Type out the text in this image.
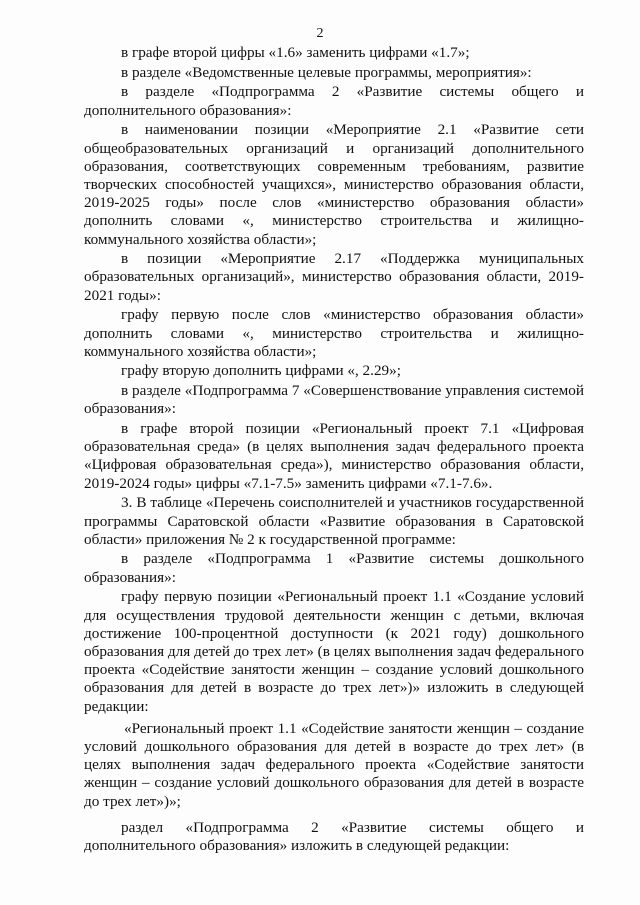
2

в графе второй цифры «1.6» заменить цифрами «1.7»;

в разделе «Ведомственные целевые программы, мероприятия»:

в разделе «Подпрограмма 2 «Развитие системы общего и дополнительного образования»:

в наименовании позиции «Мероприятие 2.1 «Развитие сети общеобразовательных организаций и организаций дополнительного образования, соответствующих современным требованиям, развитие творческих способностей учащихся», министерство образования области, 2019-2025 годы» после слов «министерство образования области» дополнить словами «, министерство строительства и жилищно-коммунального хозяйства области»;

в позиции «Мероприятие 2.17 «Поддержка муниципальных образовательных организаций», министерство образования области, 2019-2021 годы»:

графу первую после слов «министерство образования области» дополнить словами «, министерство строительства и жилищно-коммунального хозяйства области»;

графу вторую дополнить цифрами «, 2.29»;

в разделе «Подпрограмма 7 «Совершенствование управления системой образования»:

в графе второй позиции «Региональный проект 7.1 «Цифровая образовательная среда» (в целях выполнения задач федерального проекта «Цифровая образовательная среда»), министерство образования области, 2019-2024 годы» цифры «7.1-7.5» заменить цифрами «7.1-7.6».

3. В таблице «Перечень соисполнителей и участников государственной программы Саратовской области «Развитие образования в Саратовской области» приложения № 2 к государственной программе:

в разделе «Подпрограмма 1 «Развитие системы дошкольного образования»:

графу первую позиции «Региональный проект 1.1 «Создание условий для осуществления трудовой деятельности женщин с детьми, включая достижение 100-процентной доступности (к 2021 году) дошкольного образования для детей до трех лет» (в целях выполнения задач федерального проекта «Содействие занятости женщин – создание условий дошкольного образования для детей в возрасте до трех лет»)» изложить в следующей редакции:

«Региональный проект 1.1 «Содействие занятости женщин – создание условий дошкольного образования для детей в возрасте до трех лет» (в целях выполнения задач федерального проекта «Содействие занятости женщин – создание условий дошкольного образования для детей в возрасте до трех лет»)»;

раздел «Подпрограмма 2 «Развитие системы общего и дополнительного образования» изложить в следующей редакции:
